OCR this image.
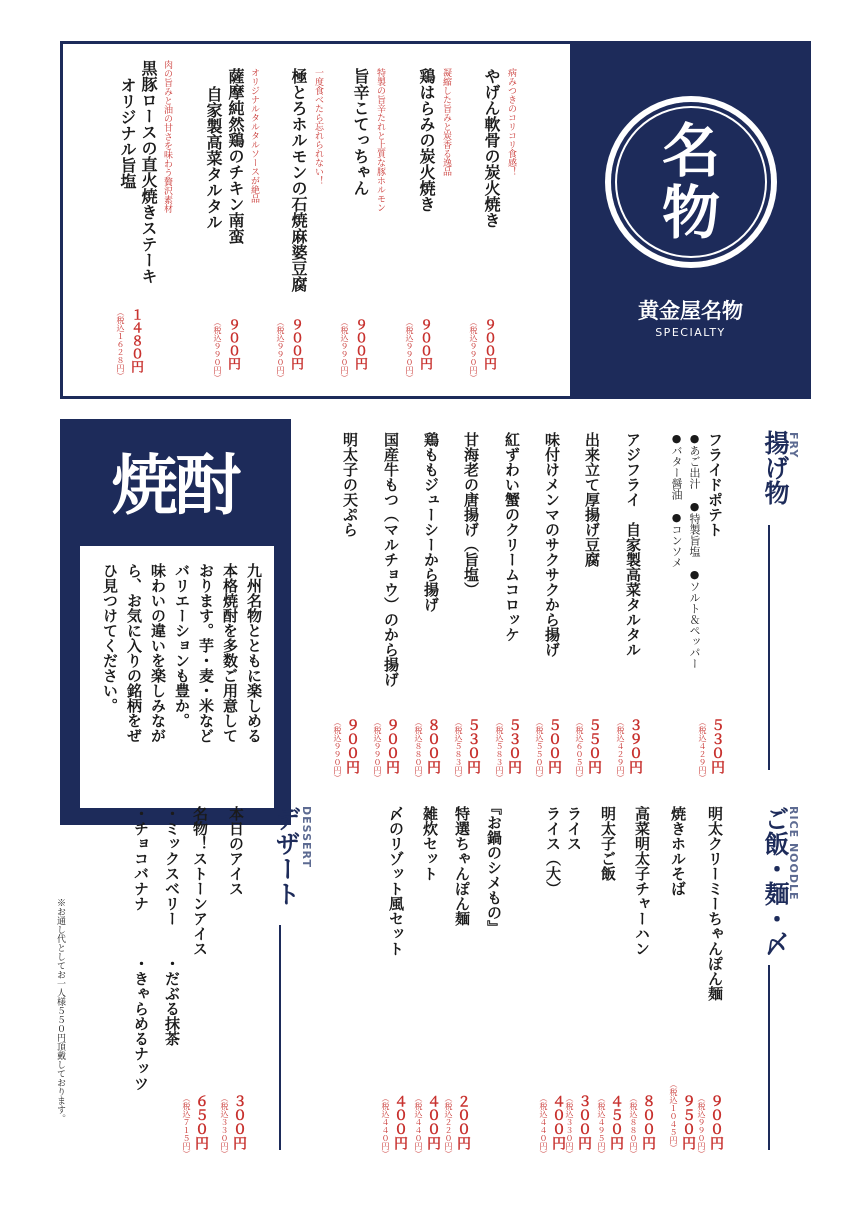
名
物
黄金屋名物
SPECIALTY
病みつきのコリコリ食感！
やげん軟骨の炭火焼き
９００円
（税込９９０円）
凝縮した旨みと炭香る逸品
鶏はらみの炭火焼き
９００円
（税込９９０円）
特製の旨辛たれと上質な豚ホルモン
旨辛こてっちゃん
９００円
（税込９９０円）
一度食べたら忘れられない！
極とろホルモンの石焼麻婆豆腐
９００円
（税込９９０円）
オリジナルタルタルソースが絶品
薩摩純然鶏のチキン南蛮
自家製高菜タルタル
９００円
（税込９９０円）
肉の旨みと油の甘さを味わう贅沢素材
黒豚ロースの直火焼きステーキ
オリジナル旨塩
１４８０円
（税込１６２８円）
焼酎
九州名物とともに楽しめる
本格焼酎を多数ご用意して
おります。芋・麦・米など
バリエーションも豊か。
味わいの違いを楽しみなが
ら、お気に入りの銘柄をぜ
ひ見つけてください。
FRY
揚げ物
フライドポテト
●あご出汁　●特製旨塩　●ソルト＆ペッパー
●バター醤油　●コンソメ
５３０円
（税込４２９円）
アジフライ　自家製高菜タルタル
３９０円
（税込４２９円）
出来立て厚揚げ豆腐
５５０円
（税込６０５円）
味付けメンマのサクサクから揚げ
５００円
（税込５５０円）
紅ずわい蟹のクリームコロッケ
５３０円
（税込５８３円）
甘海老の唐揚げ（旨塩）
５３０円
（税込５８３円）
鶏ももジューシーから揚げ
８００円
（税込８８０円）
国産牛もつ（マルチョウ）のから揚げ
９００円
（税込９９０円）
明太子の天ぷら
９００円
（税込９９０円）
RICE NOODLE
ご飯・麺・〆
明太クリーミーちゃんぽん麺
９００円
（税込９９０円）
焼きホルそば
９５０円
（税込１０４５円）
高菜明太子チャーハン
８００円
（税込８８０円）
明太子ご飯
４５０円
（税込４９５円）
ライス
３００円
（税込３３０円）
ライス（大）
４００円
（税込４４０円）
『お鍋のシメもの』
特選ちゃんぽん麺
２００円
（税込２２０円）
雑炊セット
４００円
（税込４４０円）
〆のリゾット風セット
４００円
（税込４４０円）
DESSERT
デザート
本日のアイス
３００円
（税込３３０円）
名物！ストーンアイス
６５０円
（税込７１５円）
・ミックスベリー　　・だぶる抹茶
・チョコバナナ　　　・きゃらめるナッツ
※お通し代としてお一人様５５０円頂戴しております。
